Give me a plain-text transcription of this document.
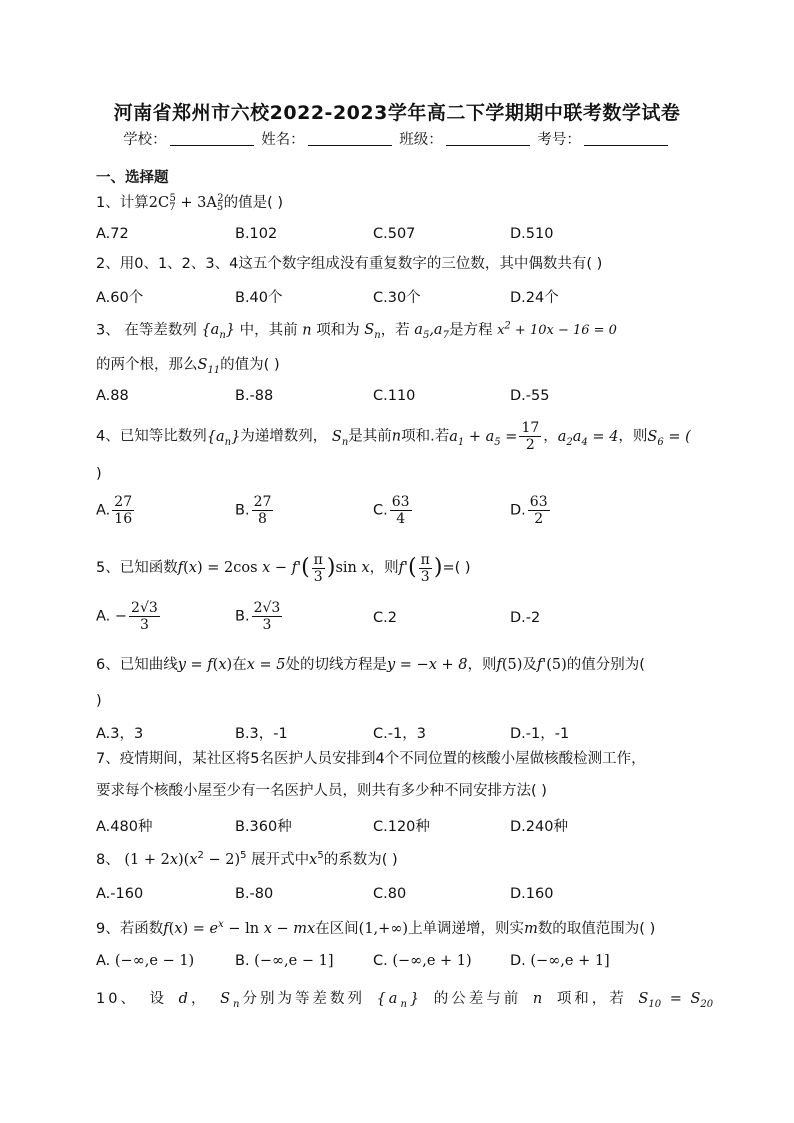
河南省郑州市六校2022-2023学年高二下学期期中联考数学试卷
学校：	姓名：	班级：	考号：
一、选择题
1、计算$2C_7^5 + 3A_5^2$的值是( )
A.72	B.102	C.507	D.510
2、用0、1、2、3、4这五个数字组成没有重复数字的三位数，其中偶数共有( )
A.60个	B.40个	C.30个	D.24个
3、 在等差数列 $\{a_n\}$ 中，其前 n 项和为 $S_n$，若 $a_5,a_7$是方程 $x^2 + 10x - 16 = 0$
的两个根，那么$S_{11}$的值为( )
A.88	B.-88	C.110	D.-55
4、已知等比数列$\{a_n\}$为递增数列， $S_n$是其前n项和.若$a_1 + a_5 = \frac{17}{2}$ ，$a_2a_4 = 4$，则$S_6$ = (
)
A. $\frac{27}{16}$	B. $\frac{27}{8}$	C. $\frac{63}{4}$	D. $\frac{63}{2}$
5、已知函数f(x) = 2cos $x - f'( \frac{\pi}{3} )\sin$ x，则$f'( \frac{\pi}{3}$ )=( )
A. − $\frac{2√3}{3}$	B. $\frac{2√3}{3}$	C.2	D.-2
6、已知曲线y = f(x)在x = 5处的切线方程是y = −x + 8，则f(5)及f'(5)的值分别为(
)
A.3，3	B.3，-1	C.-1，3	D.-1，-1
7、疫情期间，某社区将5名医护人员安排到4个不同位置的核酸小屋做核酸检测工作，
要求每个核酸小屋至少有一名医护人员，则共有多少种不同安排方法( )
A.480种	B.360种	C.120种	D.240种
8、 $(1 + 2x)(x^2 - 2)^5$ 展开式中$x^5$的系数为( )
A.-160	B.-80	C.80	D.160
9、若函数$f(x) = e^x - \ln x$ − mx在区间(1,+∞)上单调递增，则实m数的取值范围为( )
A. (−∞,e − 1)	B. (−∞,e − 1]	C. (−∞,e + 1)	D. (−∞,e + 1]
10、 设 d， $S_n$分别为等差数列 $\{a_n\}$ 的公差与前 n 项和，若 $S_{10} = S_{20}$
